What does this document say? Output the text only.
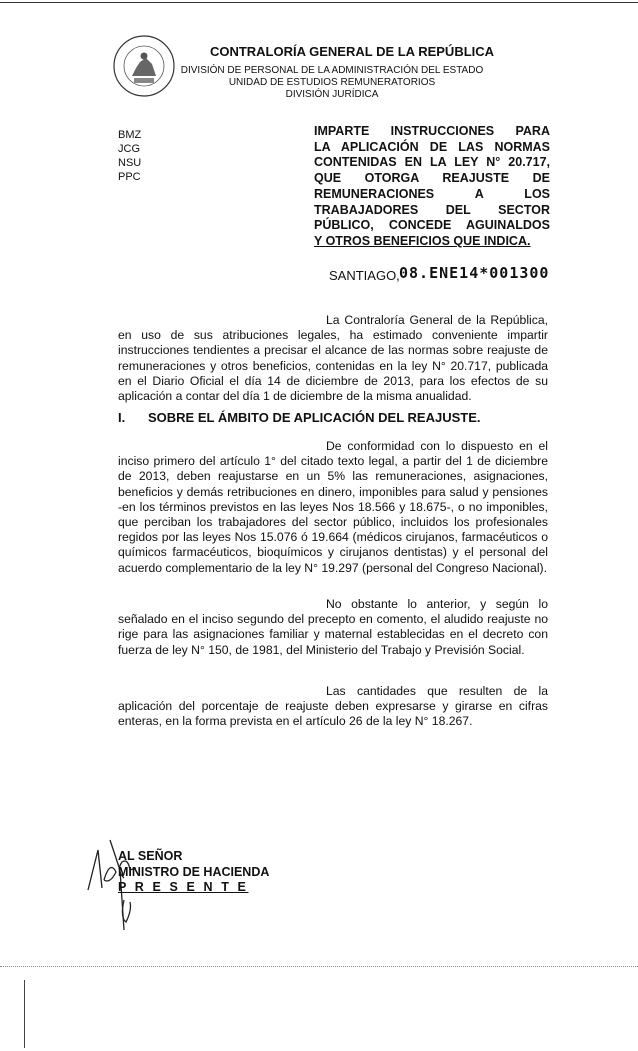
CONTRALORÍA GENERAL DE LA REPÚBLICA
DIVISIÓN DE PERSONAL DE LA ADMINISTRACIÓN DEL ESTADO
UNIDAD DE ESTUDIOS REMUNERATORIOS
DIVISIÓN JURÍDICA
BMZ
JCG
NSU
PPC
IMPARTE INSTRUCCIONES PARA
LA APLICACIÓN DE LAS NORMAS
CONTENIDAS EN LA LEY N° 20.717,
QUE OTORGA REAJUSTE DE
REMUNERACIONES A LOS
TRABAJADORES DEL SECTOR
PÚBLICO, CONCEDE AGUINALDOS
Y OTROS BENEFICIOS QUE INDICA.
SANTIAGO, 08.ENE14*001300
La Contraloría General de la República, en uso de sus atribuciones legales, ha estimado conveniente impartir instrucciones tendientes a precisar el alcance de las normas sobre reajuste de remuneraciones y otros beneficios, contenidas en la ley N° 20.717, publicada en el Diario Oficial el día 14 de diciembre de 2013, para los efectos de su aplicación a contar del día 1 de diciembre de la misma anualidad.
I. SOBRE EL ÁMBITO DE APLICACIÓN DEL REAJUSTE.
De conformidad con lo dispuesto en el inciso primero del artículo 1° del citado texto legal, a partir del 1 de diciembre de 2013, deben reajustarse en un 5% las remuneraciones, asignaciones, beneficios y demás retribuciones en dinero, imponibles para salud y pensiones -en los términos previstos en las leyes Nos 18.566 y 18.675-, o no imponibles, que perciban los trabajadores del sector público, incluidos los profesionales regidos por las leyes Nos 15.076 ó 19.664 (médicos cirujanos, farmacéuticos o químicos farmacéuticos, bioquímicos y cirujanos dentistas) y el personal del acuerdo complementario de la ley N° 19.297 (personal del Congreso Nacional).
No obstante lo anterior, y según lo señalado en el inciso segundo del precepto en comento, el aludido reajuste no rige para las asignaciones familiar y maternal establecidas en el decreto con fuerza de ley N° 150, de 1981, del Ministerio del Trabajo y Previsión Social.
Las cantidades que resulten de la aplicación del porcentaje de reajuste deben expresarse y girarse en cifras enteras, en la forma prevista en el artículo 26 de la ley N° 18.267.
AL SEÑOR
MINISTRO DE HACIENDA
P R E S E N T E
